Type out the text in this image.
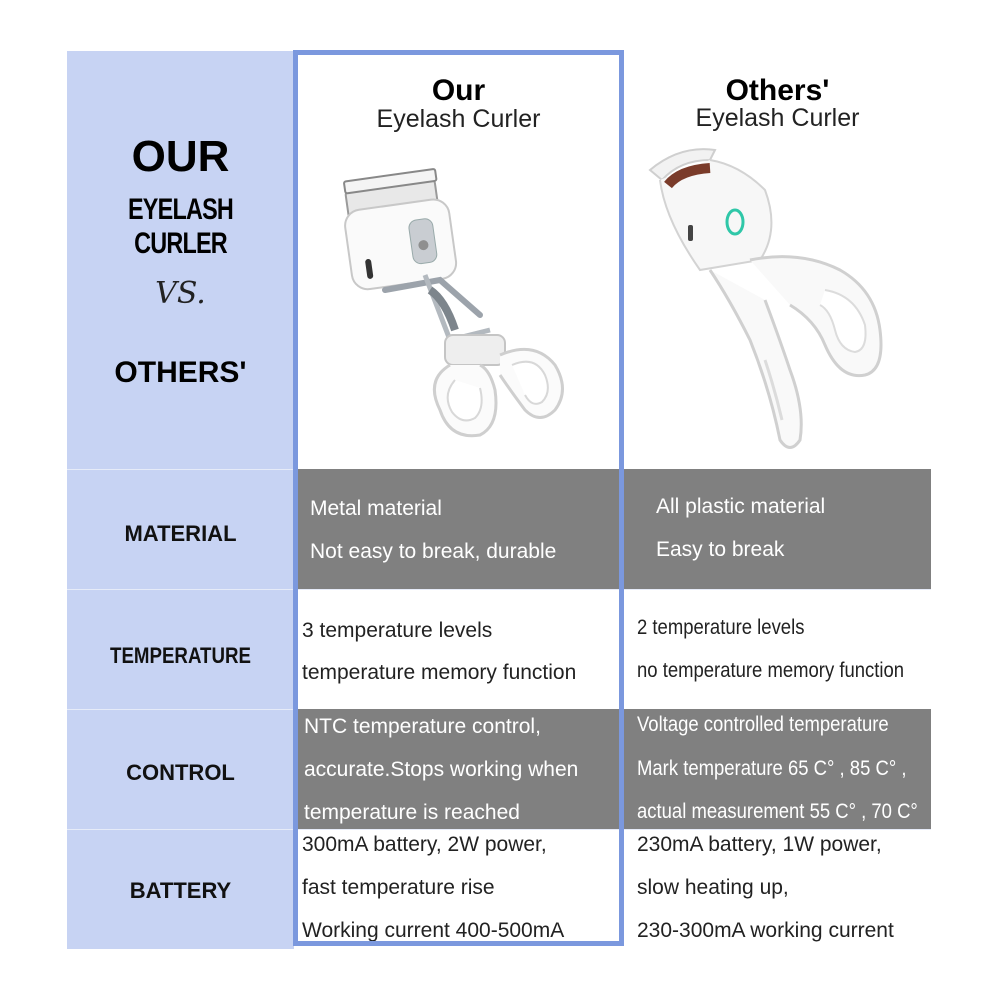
OUR
EYELASH CURLER
VS.
OTHERS'
MATERIAL
TEMPERATURE
CONTROL
BATTERY
Our
Eyelash Curler
Others'
Eyelash Curler
Metal material
Not easy to break, durable
3 temperature levels
temperature memory function
NTC temperature control,
accurate.Stops working when
temperature is reached
300mA battery, 2W power,
fast temperature rise
Working current 400-500mA
All plastic material
Easy to break
2 temperature levels
no temperature memory function
Voltage controlled temperature
Mark temperature 65 C° , 85 C° ,
actual measurement 55 C° , 70 C°
230mA battery, 1W power,
slow heating up,
230-300mA working current
